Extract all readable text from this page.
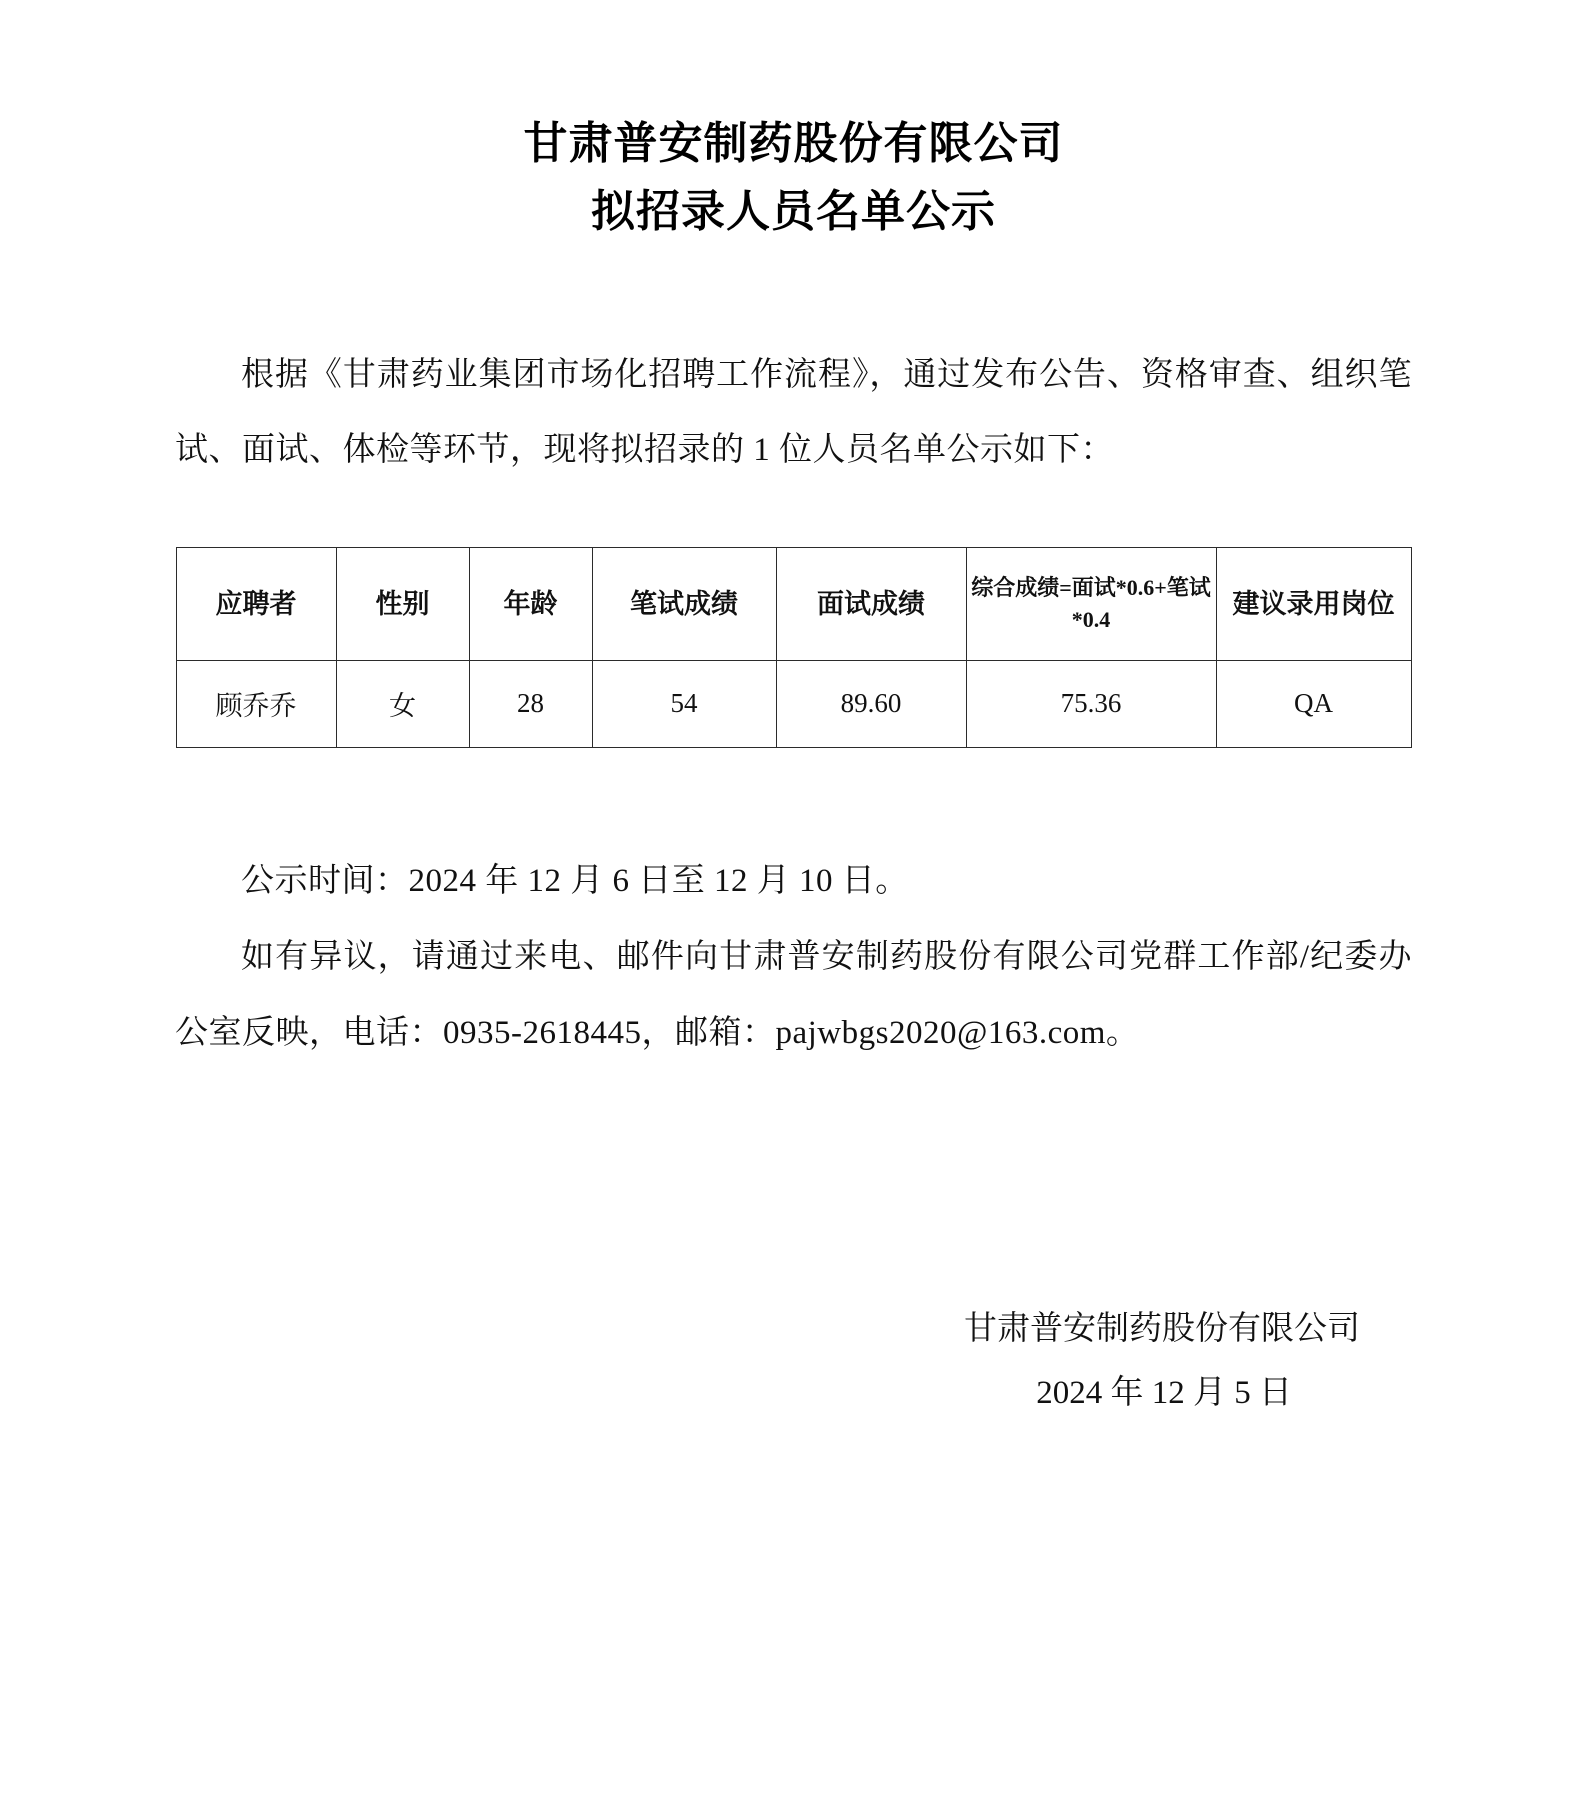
甘肃普安制药股份有限公司
拟招录人员名单公示

根据《甘肃药业集团市场化招聘工作流程》，通过发布公告、资格审查、组织笔试、面试、体检等环节，现将拟招录的 1 位人员名单公示如下：

应聘者	性别	年龄	笔试成绩	面试成绩	综合成绩=面试*0.6+笔试*0.4	建议录用岗位
顾乔乔	女	28	54	89.60	75.36	QA

公示时间：2024 年 12 月 6 日至 12 月 10 日。

如有异议，请通过来电、邮件向甘肃普安制药股份有限公司党群工作部/纪委办公室反映，电话：0935-2618445，邮箱：pajwbgs2020@163.com。

甘肃普安制药股份有限公司
2024 年 12 月 5 日
